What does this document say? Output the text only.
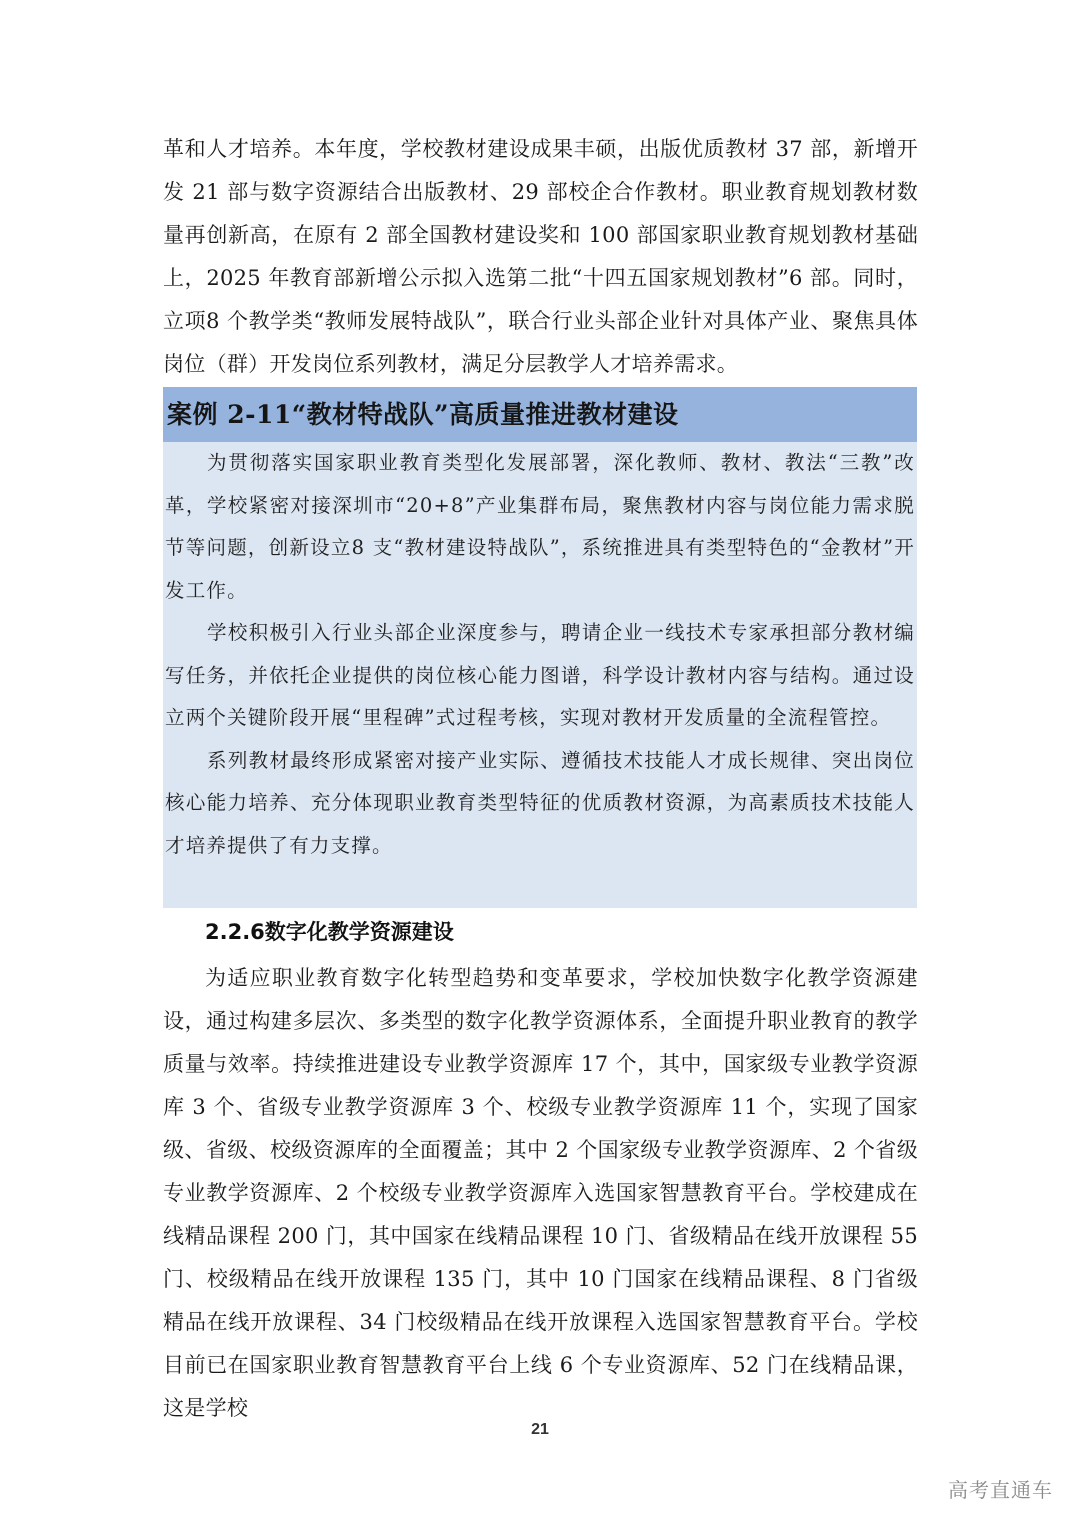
革和人才培养。本年度，学校教材建设成果丰硕，出版优质教材 37 部，新增开发 21 部与数字资源结合出版教材、29 部校企合作教材。职业教育规划教材数量再创新高，在原有 2 部全国教材建设奖和 100 部国家职业教育规划教材基础上，2025 年教育部新增公示拟入选第二批“十四五国家规划教材”6 部。同时，立项8 个教学类“教师发展特战队”，联合行业头部企业针对具体产业、聚焦具体岗位（群）开发岗位系列教材，满足分层教学人才培养需求。
案例 2-11“教材特战队”高质量推进教材建设

为贯彻落实国家职业教育类型化发展部署，深化教师、教材、教法“三教”改革，学校紧密对接深圳市“20+8”产业集群布局，聚焦教材内容与岗位能力需求脱节等问题，创新设立8 支“教材建设特战队”，系统推进具有类型特色的“金教材”开发工作。

学校积极引入行业头部企业深度参与，聘请企业一线技术专家承担部分教材编写任务，并依托企业提供的岗位核心能力图谱，科学设计教材内容与结构。通过设立两个关键阶段开展“里程碑”式过程考核，实现对教材开发质量的全流程管控。

系列教材最终形成紧密对接产业实际、遵循技术技能人才成长规律、突出岗位核心能力培养、充分体现职业教育类型特征的优质教材资源，为高素质技术技能人才培养提供了有力支撑。

2.2.6数字化教学资源建设
为适应职业教育数字化转型趋势和变革要求，学校加快数字化教学资源建设，通过构建多层次、多类型的数字化教学资源体系，全面提升职业教育的教学质量与效率。持续推进建设专业教学资源库 17 个，其中，国家级专业教学资源库 3 个、省级专业教学资源库 3 个、校级专业教学资源库 11 个，实现了国家级、省级、校级资源库的全面覆盖；其中 2 个国家级专业教学资源库、2 个省级专业教学资源库、2 个校级专业教学资源库入选国家智慧教育平台。学校建成在线精品课程 200 门，其中国家在线精品课程 10 门、省级精品在线开放课程 55 门、校级精品在线开放课程 135 门，其中 10 门国家在线精品课程、8 门省级精品在线开放课程、34 门校级精品在线开放课程入选国家智慧教育平台。学校目前已在国家职业教育智慧教育平台上线 6 个专业资源库、52 门在线精品课，这是学校
21
高考直通车
